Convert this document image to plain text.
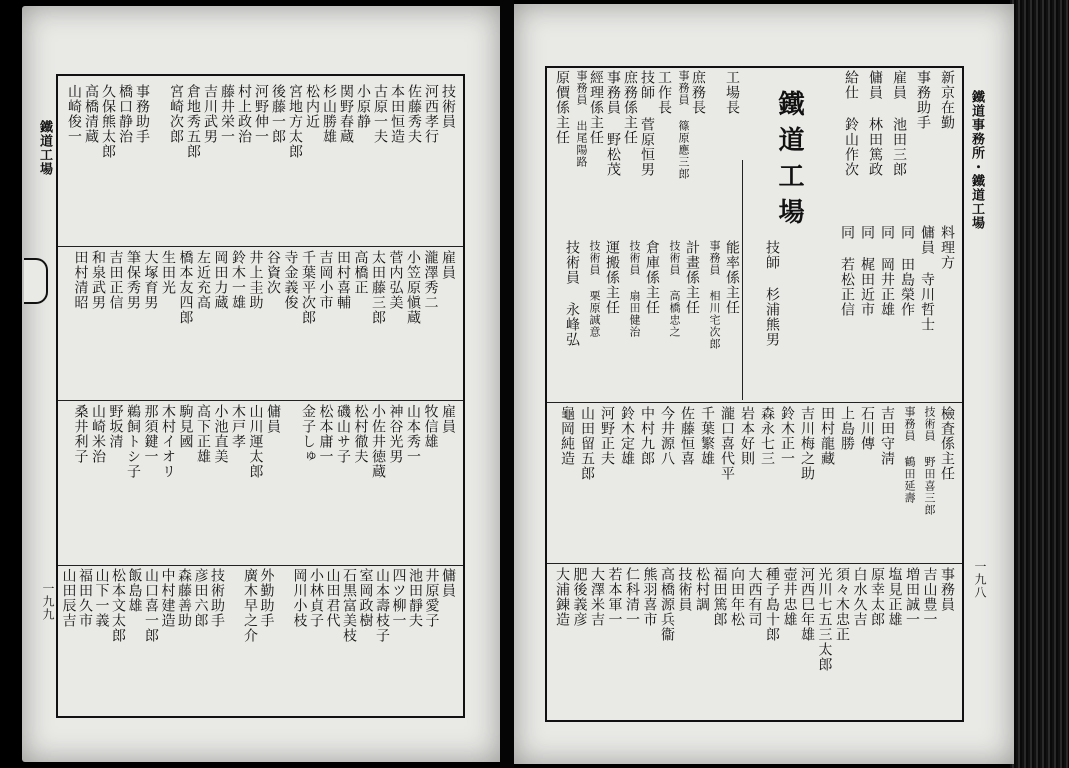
鐵道工場
一九九
技術員
河西孝行
佐藤秀夫
本田恒造
古原一夫
小原静
関野春蔵
杉山勝雄
松内近
宮地方太郎
後藤一郎
河野伸一
村上政治
藤井栄一
吉川武男
倉地秀五郎
宮崎次郎
事務助手
橋口静治
久保熊太郎
高橋清蔵
山崎俊一
雇員
瀧澤秀二
小笠原愼蔵
菅内弘美
太田藤三郎
高橋正
田村喜輔
吉岡小市
千葉平次郎
寺金義俊
谷資次
井上圭助
鈴木一雄
岡田力蔵
左近充高
橋本友四郎
生田光
大塚育男
筆保秀男
吉田正信
和泉武男
田村清昭
雇員
牧信雄
山本秀一
神谷光男
小佐井徳蔵
松村徹夫
磯山サ子
松本庸一
金子しゅ
傭員
山川運太郎
木戸孝
小池直美
高下正雄
駒見國
木村イオリ
那須鍵一
鵜飼トシ子
野坂清
山崎米治
桑井利子
傭員
井原愛子
池田靜夫
四ツ柳一
山本壽枝子
室岡政樹
石黒富美枝
山田君代
小林貞子
岡川小枝
外勤助手
廣木早之介
技術助手
彦田六郎
森藤善助
中村建造
山口喜一郎
飯島雄
松本文太郎
山下一義
福田久市
山田辰吉
鐵道事務所・鐵道工場
一九八
鐵道工場	新京在勤
事務助手
雇員 池田三郎
傭員 林田篤政
給仕 鈴山作次
料理方
傭員 寺川哲士
同 田島榮作
同 岡井正雄
同 梶田近市
同 若松正信
工場長
庶務長
事務員 篠原應三郎
工作長
技師 菅原恒男
庶務係主任
事務員 野松茂
經理係主任
事務員 出尾陽路
原價係主任
技師 杉浦熊男
能率係主任
事務員 相川宅次郎
計畫係主任
技術員 高橋忠之
倉庫係主任
技術員 扇田健治
運搬係主任
技術員 栗原誠意
技術員 永峰弘
檢査係主任
技術員 野田喜三郎
事務員 鶴田延壽
吉田守淸
石川傳
上島勝
田村龍藏
吉川梅之助
鈴木正一
森永七三
岩本好則
瀧口喜代平
千葉繁雄
佐藤恒喜
今井源八
中村九郎
鈴木定雄
河野正夫
山田留五郎
龜岡純造
事務員
吉山豊一
増田誠一
塩見正雄
原幸太郎
白水久吉
須々木忠正
光川七五三太郎
河西巳年雄
壺井忠雄
種子島十郎
大西有司
向田年松
福田篤郎
松村調
技術員
高橋源兵衞
熊羽喜市
仁科清一
若本軍一
大澤米吉
肥後義彦
大浦錬造
